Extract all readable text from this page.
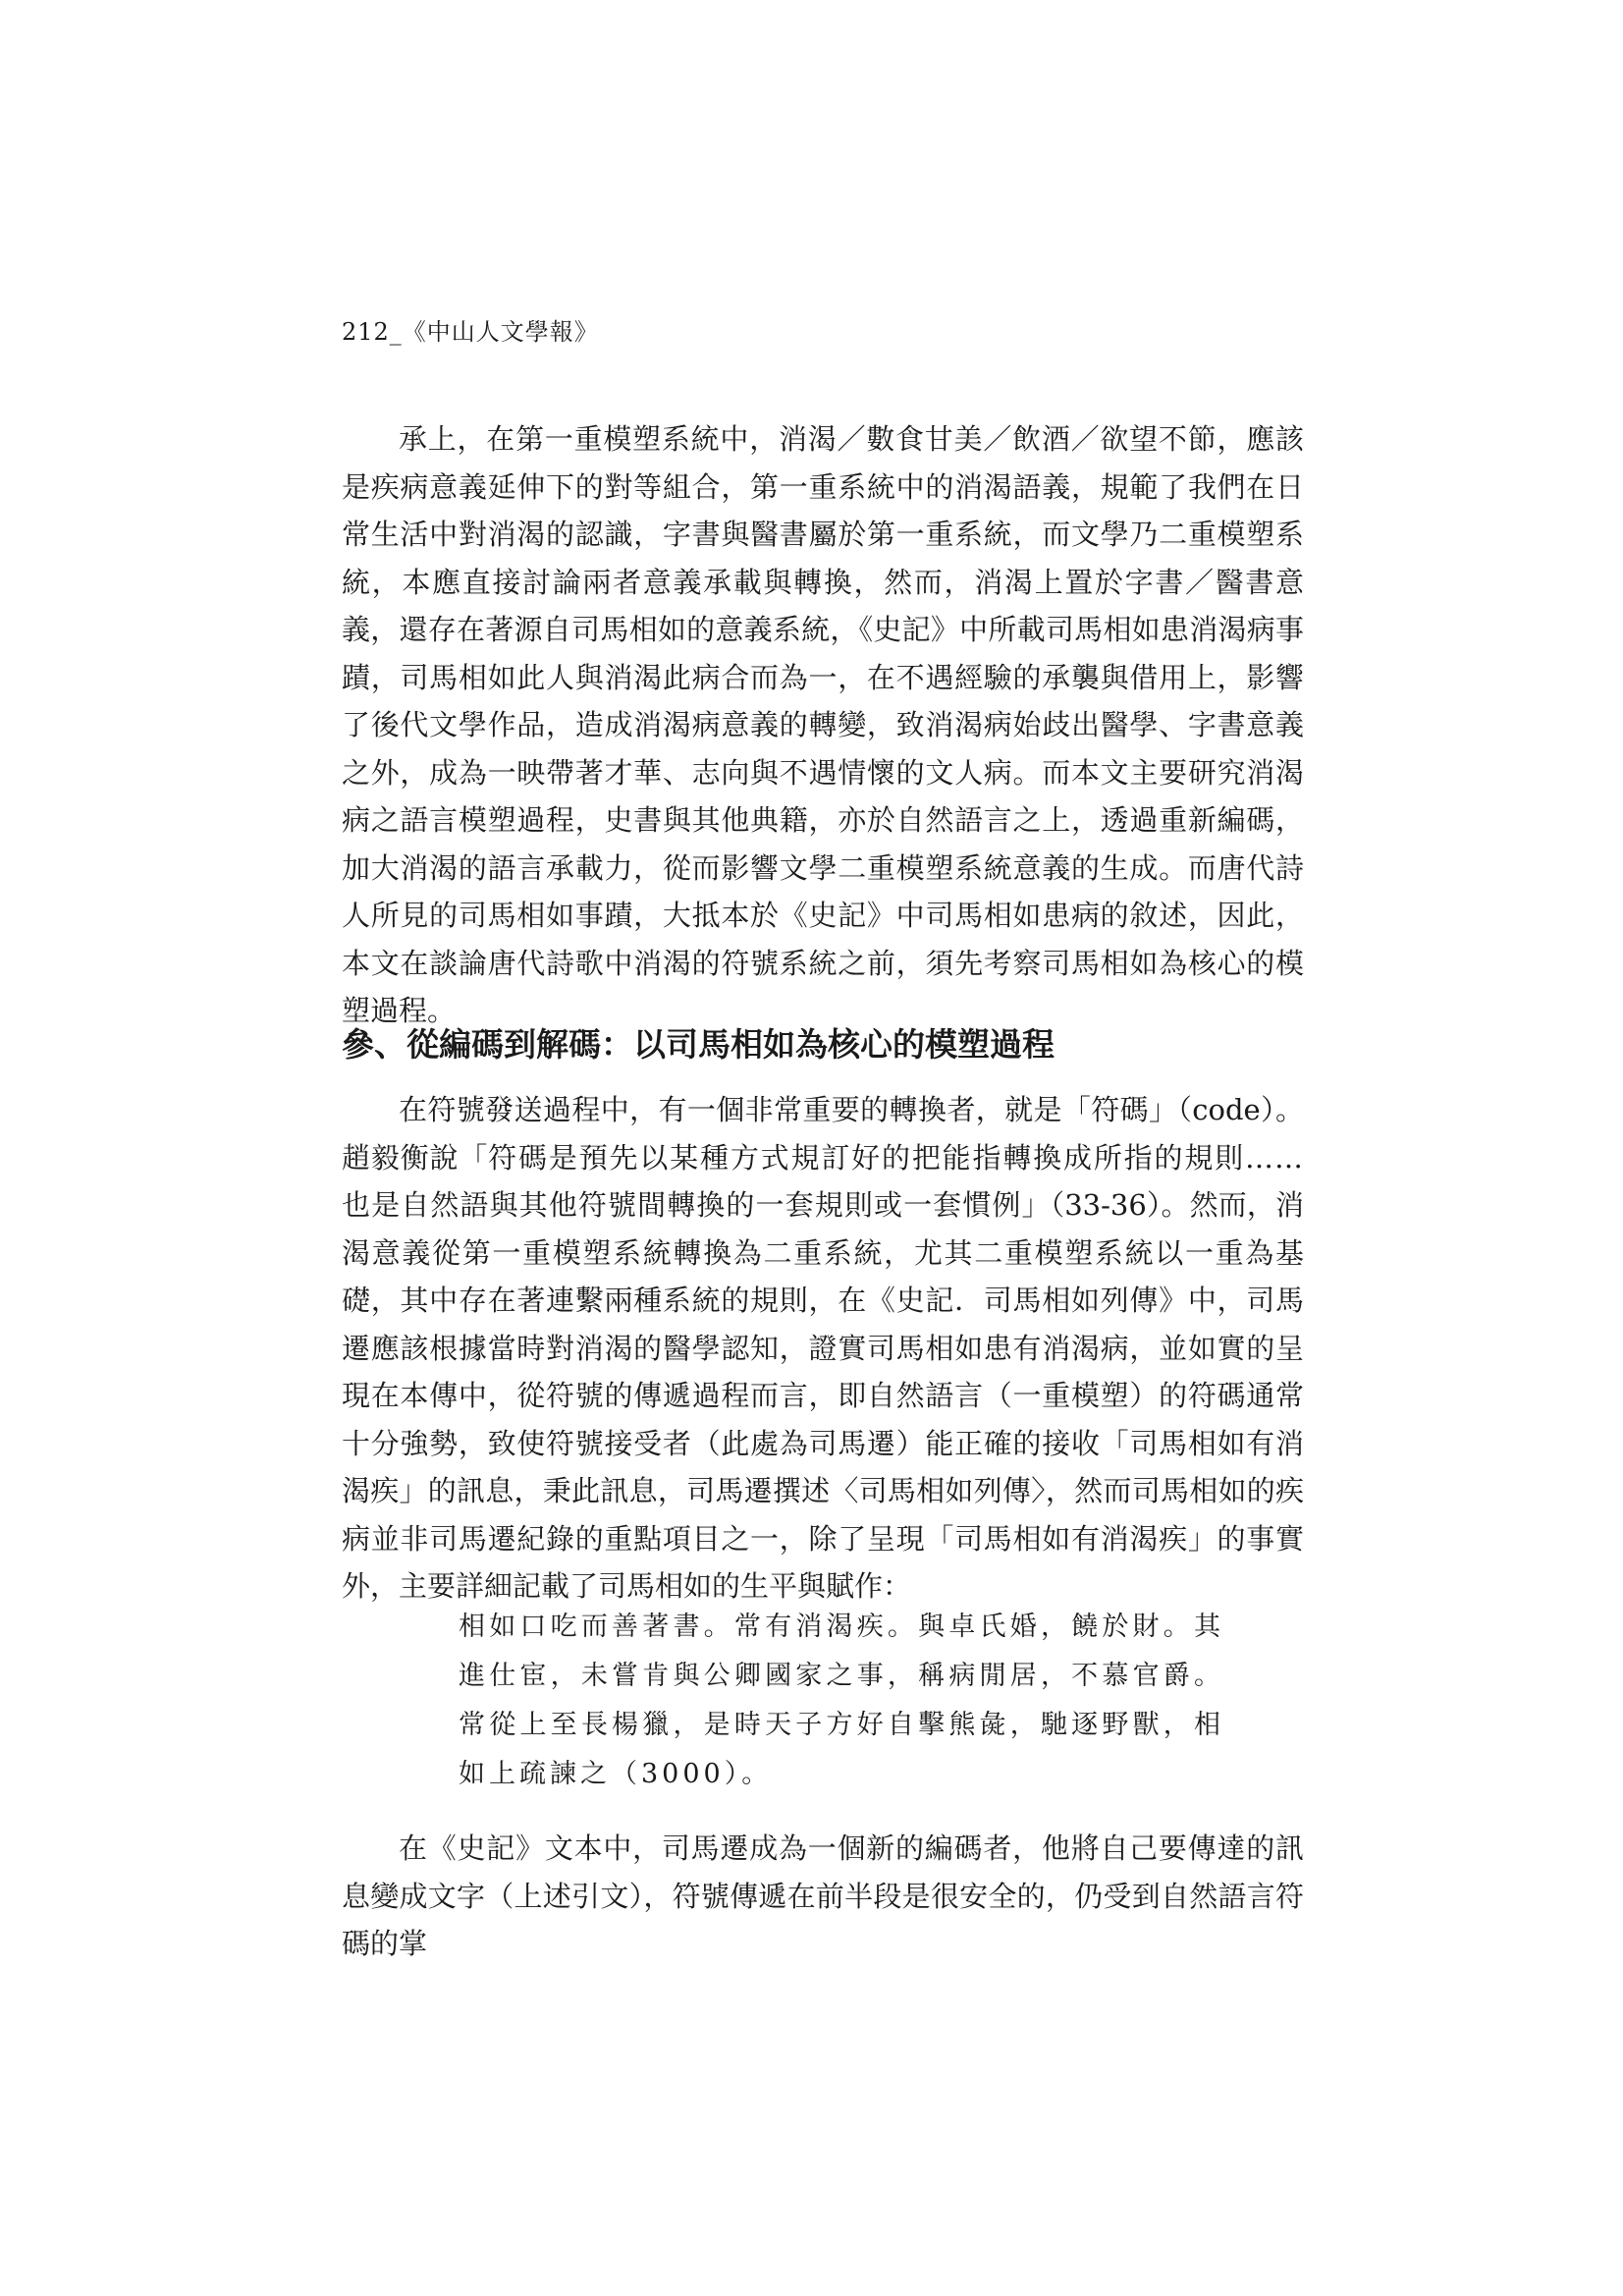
212_《中山人文學報》

承上，在第一重模塑系統中，消渴／數食甘美／飲酒／欲望不節，應該是疾病意義延伸下的對等組合，第一重系統中的消渴語義，規範了我們在日常生活中對消渴的認識，字書與醫書屬於第一重系統，而文學乃二重模塑系統，本應直接討論兩者意義承載與轉換，然而，消渴上置於字書／醫書意義，還存在著源自司馬相如的意義系統，《史記》中所載司馬相如患消渴病事蹟，司馬相如此人與消渴此病合而為一，在不遇經驗的承襲與借用上，影響了後代文學作品，造成消渴病意義的轉變，致消渴病始歧出醫學、字書意義之外，成為一映帶著才華、志向與不遇情懷的文人病。而本文主要研究消渴病之語言模塑過程，史書與其他典籍，亦於自然語言之上，透過重新編碼，加大消渴的語言承載力，從而影響文學二重模塑系統意義的生成。而唐代詩人所見的司馬相如事蹟，大抵本於《史記》中司馬相如患病的敘述，因此，本文在談論唐代詩歌中消渴的符號系統之前，須先考察司馬相如為核心的模塑過程。

參、從編碼到解碼：以司馬相如為核心的模塑過程

在符號發送過程中，有一個非常重要的轉換者，就是「符碼」（code）。趙毅衡說「符碼是預先以某種方式規訂好的把能指轉換成所指的規則……也是自然語與其他符號間轉換的一套規則或一套慣例」（33-36）。然而，消渴意義從第一重模塑系統轉換為二重系統，尤其二重模塑系統以一重為基礎，其中存在著連繫兩種系統的規則，在《史記．司馬相如列傳》中，司馬遷應該根據當時對消渴的醫學認知，證實司馬相如患有消渴病，並如實的呈現在本傳中，從符號的傳遞過程而言，即自然語言（一重模塑）的符碼通常十分強勢，致使符號接受者（此處為司馬遷）能正確的接收「司馬相如有消渴疾」的訊息，秉此訊息，司馬遷撰述〈司馬相如列傳〉，然而司馬相如的疾病並非司馬遷紀錄的重點項目之一，除了呈現「司馬相如有消渴疾」的事實外，主要詳細記載了司馬相如的生平與賦作：

相如口吃而善著書。常有消渴疾。與卓氏婚，饒於財。其進仕宦，未嘗肯與公卿國家之事，稱病閒居，不慕官爵。常從上至長楊獵，是時天子方好自擊熊彘，馳逐野獸，相如上疏諫之（3000）。

在《史記》文本中，司馬遷成為一個新的編碼者，他將自己要傳達的訊息變成文字（上述引文），符號傳遞在前半段是很安全的，仍受到自然語言符碼的掌
